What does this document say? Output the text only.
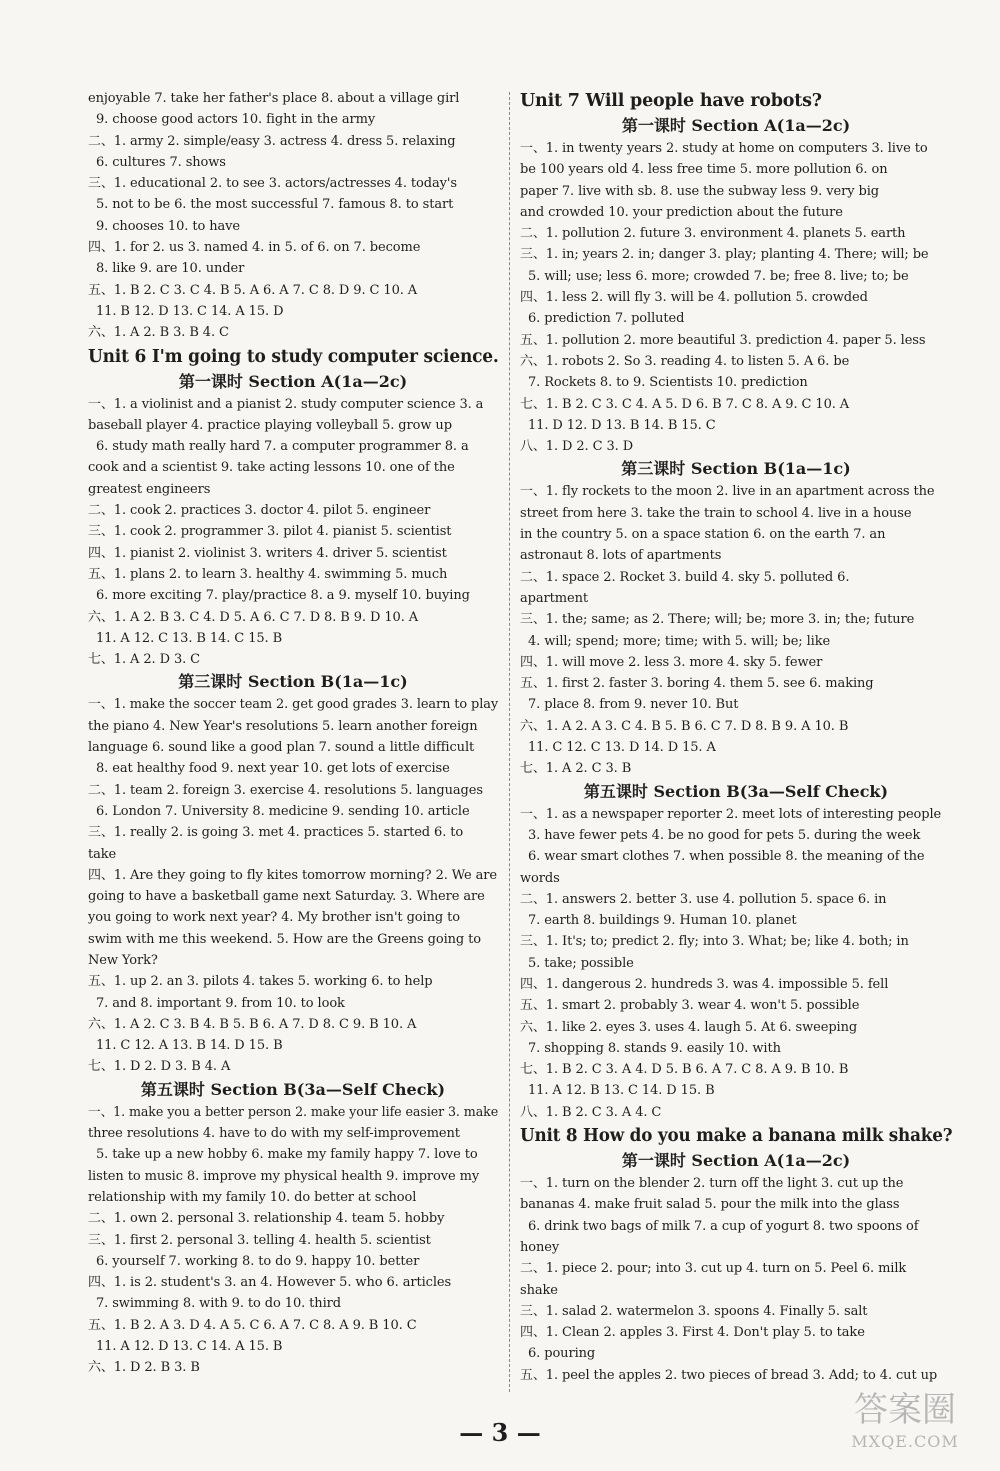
enjoyable 7. take her father's place 8. about a village girl
9. choose good actors 10. fight in the army
二、1. army 2. simple/easy 3. actress 4. dress 5. relaxing
6. cultures 7. shows
三、1. educational 2. to see 3. actors/actresses 4. today's
5. not to be 6. the most successful 7. famous 8. to start
9. chooses 10. to have
四、1. for 2. us 3. named 4. in 5. of 6. on 7. become
8. like 9. are 10. under
五、1. B 2. C 3. C 4. B 5. A 6. A 7. C 8. D 9. C 10. A
11. B 12. D 13. C 14. A 15. D
六、1. A 2. B 3. B 4. C
Unit 6 I'm going to study computer science.
第一课时 Section A(1a—2c)
一、1. a violinist and a pianist 2. study computer science 3. a
baseball player 4. practice playing volleyball 5. grow up
6. study math really hard 7. a computer programmer 8. a
cook and a scientist 9. take acting lessons 10. one of the
greatest engineers
二、1. cook 2. practices 3. doctor 4. pilot 5. engineer
三、1. cook 2. programmer 3. pilot 4. pianist 5. scientist
四、1. pianist 2. violinist 3. writers 4. driver 5. scientist
五、1. plans 2. to learn 3. healthy 4. swimming 5. much
6. more exciting 7. play/practice 8. a 9. myself 10. buying
六、1. A 2. B 3. C 4. D 5. A 6. C 7. D 8. B 9. D 10. A
11. A 12. C 13. B 14. C 15. B
七、1. A 2. D 3. C
第三课时 Section B(1a—1c)
一、1. make the soccer team 2. get good grades 3. learn to play
the piano 4. New Year's resolutions 5. learn another foreign
language 6. sound like a good plan 7. sound a little difficult
8. eat healthy food 9. next year 10. get lots of exercise
二、1. team 2. foreign 3. exercise 4. resolutions 5. languages
6. London 7. University 8. medicine 9. sending 10. article
三、1. really 2. is going 3. met 4. practices 5. started 6. to
take
四、1. Are they going to fly kites tomorrow morning? 2. We are
going to have a basketball game next Saturday. 3. Where are
you going to work next year? 4. My brother isn't going to
swim with me this weekend. 5. How are the Greens going to
New York?
五、1. up 2. an 3. pilots 4. takes 5. working 6. to help
7. and 8. important 9. from 10. to look
六、1. A 2. C 3. B 4. B 5. B 6. A 7. D 8. C 9. B 10. A
11. C 12. A 13. B 14. D 15. B
七、1. D 2. D 3. B 4. A
第五课时 Section B(3a—Self Check)
一、1. make you a better person 2. make your life easier 3. make
three resolutions 4. have to do with my self-improvement
5. take up a new hobby 6. make my family happy 7. love to
listen to music 8. improve my physical health 9. improve my
relationship with my family 10. do better at school
二、1. own 2. personal 3. relationship 4. team 5. hobby
三、1. first 2. personal 3. telling 4. health 5. scientist
6. yourself 7. working 8. to do 9. happy 10. better
四、1. is 2. student's 3. an 4. However 5. who 6. articles
7. swimming 8. with 9. to do 10. third
五、1. B 2. A 3. D 4. A 5. C 6. A 7. C 8. A 9. B 10. C
11. A 12. D 13. C 14. A 15. B
六、1. D 2. B 3. B
Unit 7 Will people have robots?
第一课时 Section A(1a—2c)
一、1. in twenty years 2. study at home on computers 3. live to
be 100 years old 4. less free time 5. more pollution 6. on
paper 7. live with sb. 8. use the subway less 9. very big
and crowded 10. your prediction about the future
二、1. pollution 2. future 3. environment 4. planets 5. earth
三、1. in; years 2. in; danger 3. play; planting 4. There; will; be
5. will; use; less 6. more; crowded 7. be; free 8. live; to; be
四、1. less 2. will fly 3. will be 4. pollution 5. crowded
6. prediction 7. polluted
五、1. pollution 2. more beautiful 3. prediction 4. paper 5. less
六、1. robots 2. So 3. reading 4. to listen 5. A 6. be
7. Rockets 8. to 9. Scientists 10. prediction
七、1. B 2. C 3. C 4. A 5. D 6. B 7. C 8. A 9. C 10. A
11. D 12. D 13. B 14. B 15. C
八、1. D 2. C 3. D
第三课时 Section B(1a—1c)
一、1. fly rockets to the moon 2. live in an apartment across the
street from here 3. take the train to school 4. live in a house
in the country 5. on a space station 6. on the earth 7. an
astronaut 8. lots of apartments
二、1. space 2. Rocket 3. build 4. sky 5. polluted 6.
apartment
三、1. the; same; as 2. There; will; be; more 3. in; the; future
4. will; spend; more; time; with 5. will; be; like
四、1. will move 2. less 3. more 4. sky 5. fewer
五、1. first 2. faster 3. boring 4. them 5. see 6. making
7. place 8. from 9. never 10. But
六、1. A 2. A 3. C 4. B 5. B 6. C 7. D 8. B 9. A 10. B
11. C 12. C 13. D 14. D 15. A
七、1. A 2. C 3. B
第五课时 Section B(3a—Self Check)
一、1. as a newspaper reporter 2. meet lots of interesting people
3. have fewer pets 4. be no good for pets 5. during the week
6. wear smart clothes 7. when possible 8. the meaning of the
words
二、1. answers 2. better 3. use 4. pollution 5. space 6. in
7. earth 8. buildings 9. Human 10. planet
三、1. It's; to; predict 2. fly; into 3. What; be; like 4. both; in
5. take; possible
四、1. dangerous 2. hundreds 3. was 4. impossible 5. fell
五、1. smart 2. probably 3. wear 4. won't 5. possible
六、1. like 2. eyes 3. uses 4. laugh 5. At 6. sweeping
7. shopping 8. stands 9. easily 10. with
七、1. B 2. C 3. A 4. D 5. B 6. A 7. C 8. A 9. B 10. B
11. A 12. B 13. C 14. D 15. B
八、1. B 2. C 3. A 4. C
Unit 8 How do you make a banana milk shake?
第一课时 Section A(1a—2c)
一、1. turn on the blender 2. turn off the light 3. cut up the
bananas 4. make fruit salad 5. pour the milk into the glass
6. drink two bags of milk 7. a cup of yogurt 8. two spoons of
honey
二、1. piece 2. pour; into 3. cut up 4. turn on 5. Peel 6. milk
shake
三、1. salad 2. watermelon 3. spoons 4. Finally 5. salt
四、1. Clean 2. apples 3. First 4. Don't play 5. to take
6. pouring
五、1. peel the apples 2. two pieces of bread 3. Add; to 4. cut up
— 3 —
答案圈
MXQE.COM
